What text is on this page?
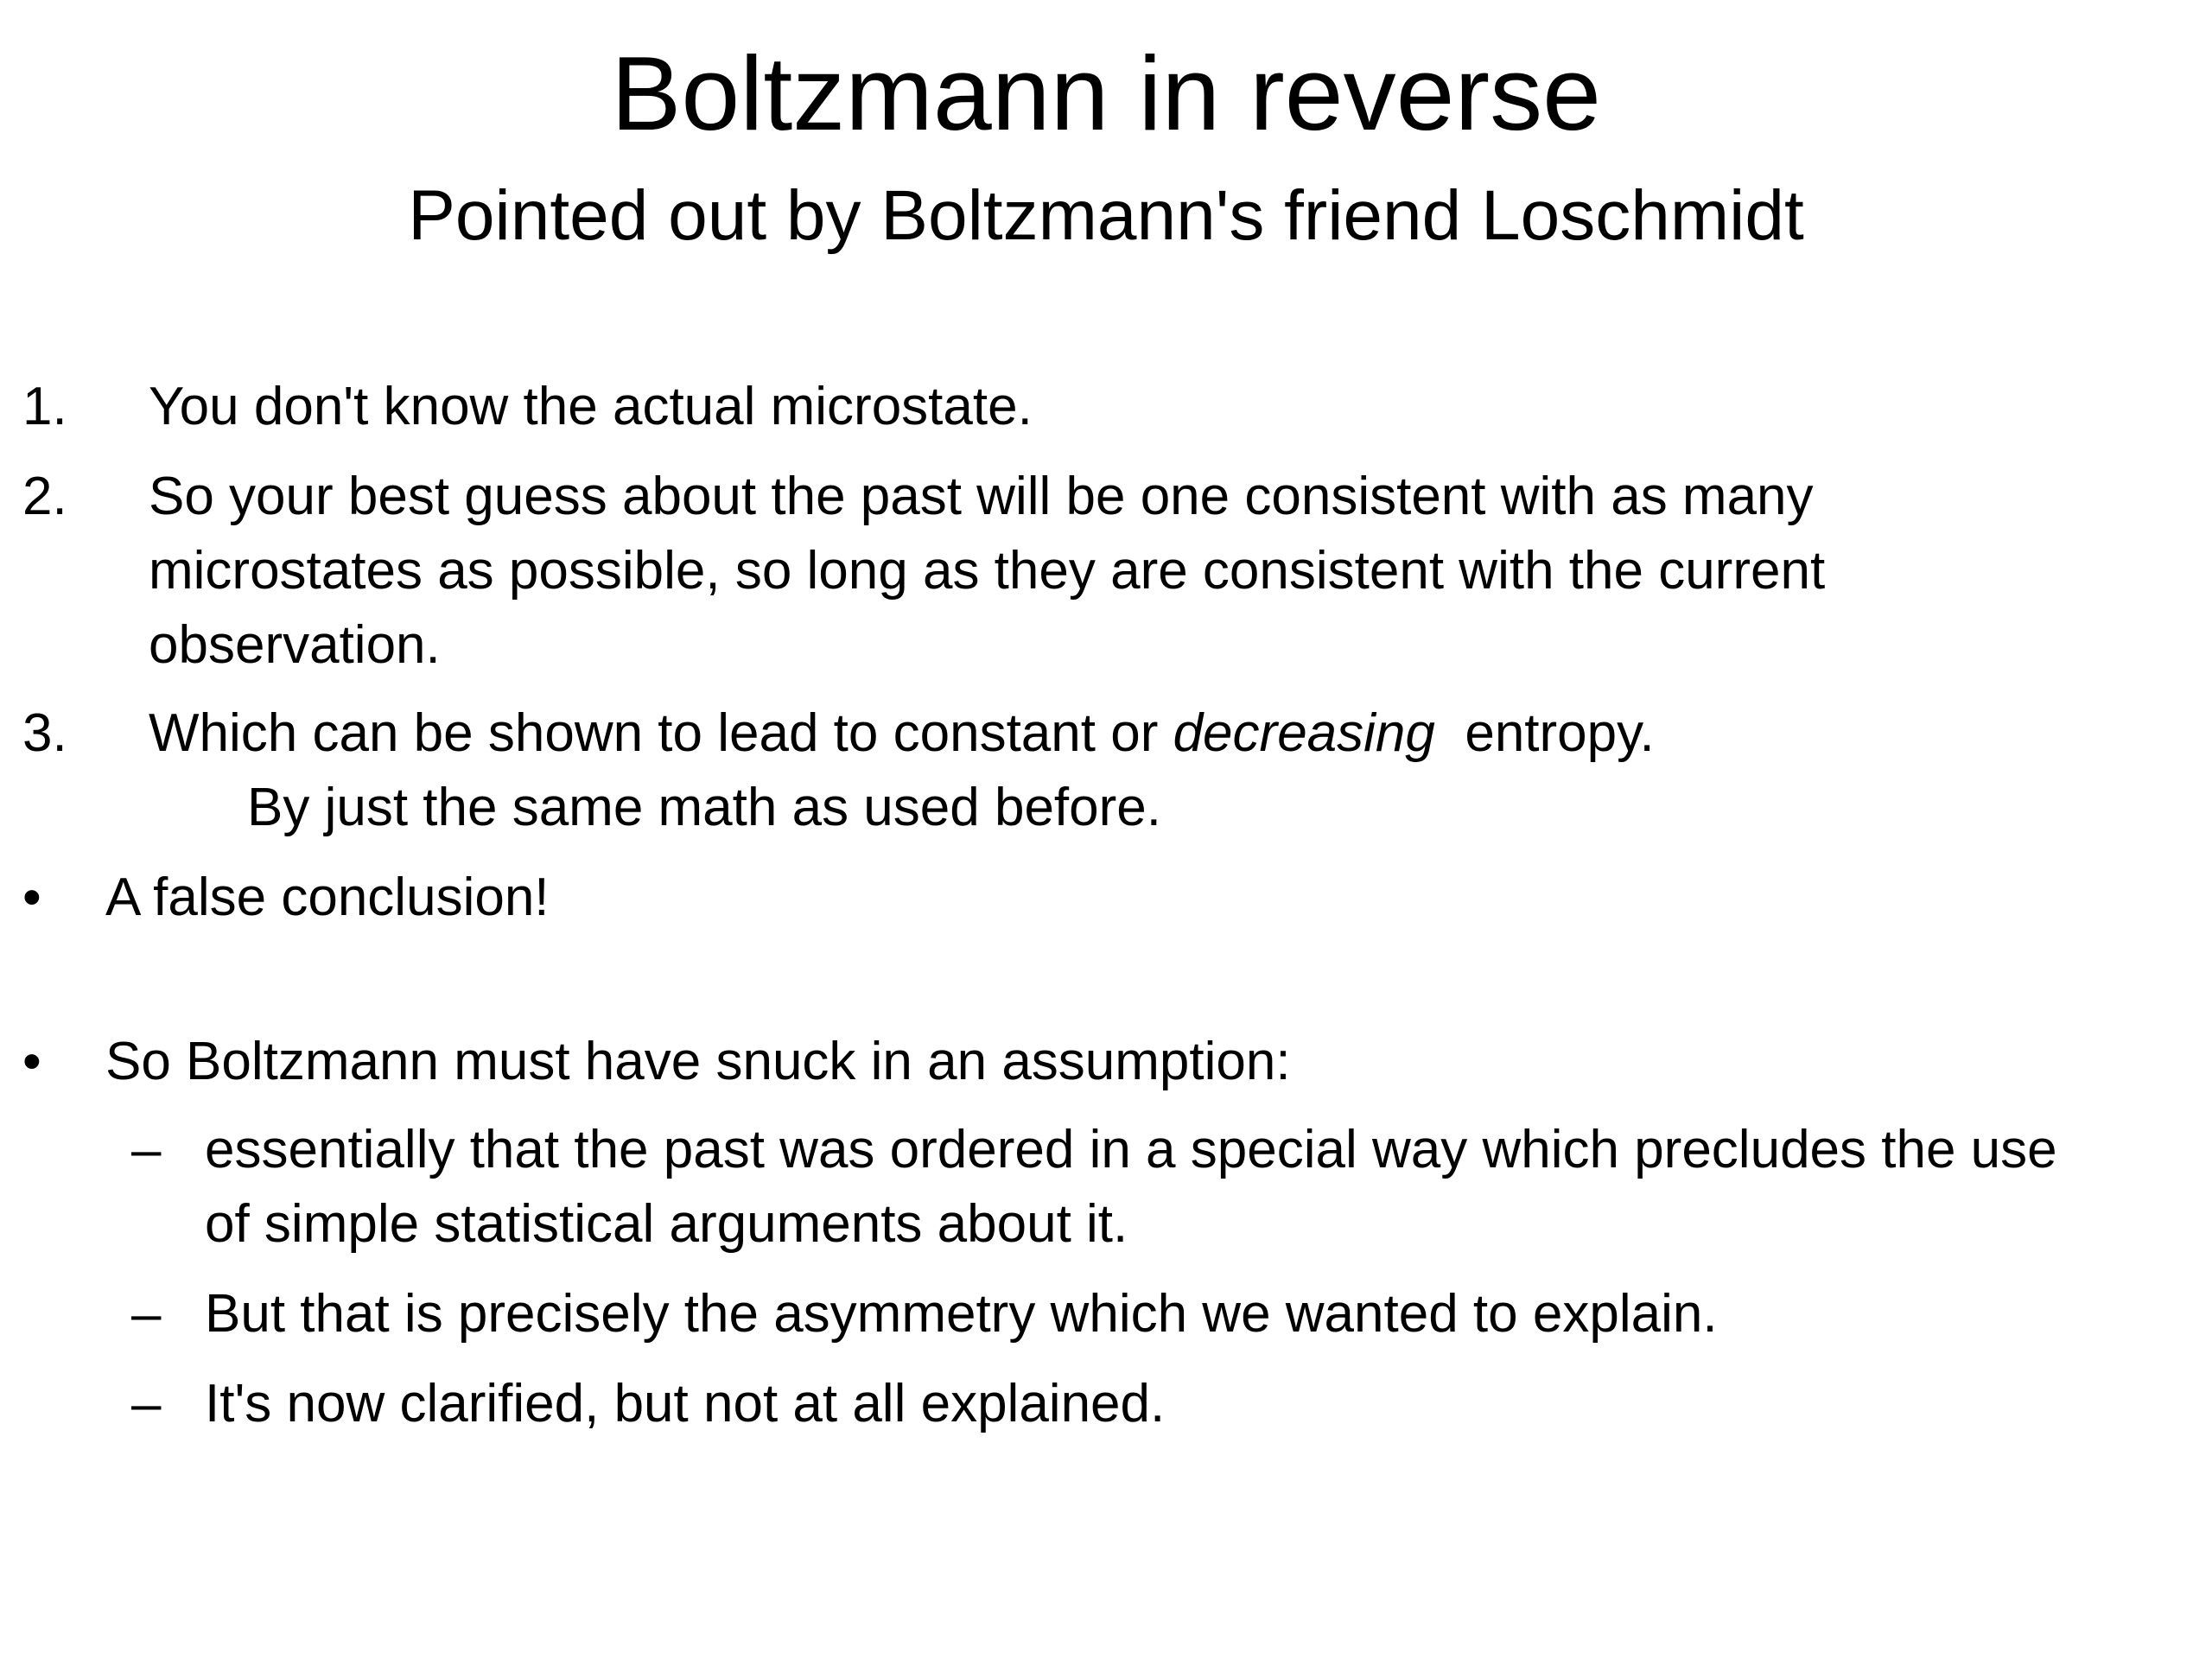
Boltzmann in reverse
Pointed out by Boltzmann's friend Loschmidt
1. You don't know the actual microstate.
2. So your best guess about the past will be one consistent with as many
microstates as possible, so long as they are consistent with the current
observation.
3. Which can be shown to lead to constant or decreasing  entropy.
By just the same math as used before.
• A false conclusion!
• So Boltzmann must have snuck in an assumption:
– essentially that the past was ordered in a special way which precludes the use
of simple statistical arguments about it.
– But that is precisely the asymmetry which we wanted to explain.
– It's now clarified, but not at all explained.
